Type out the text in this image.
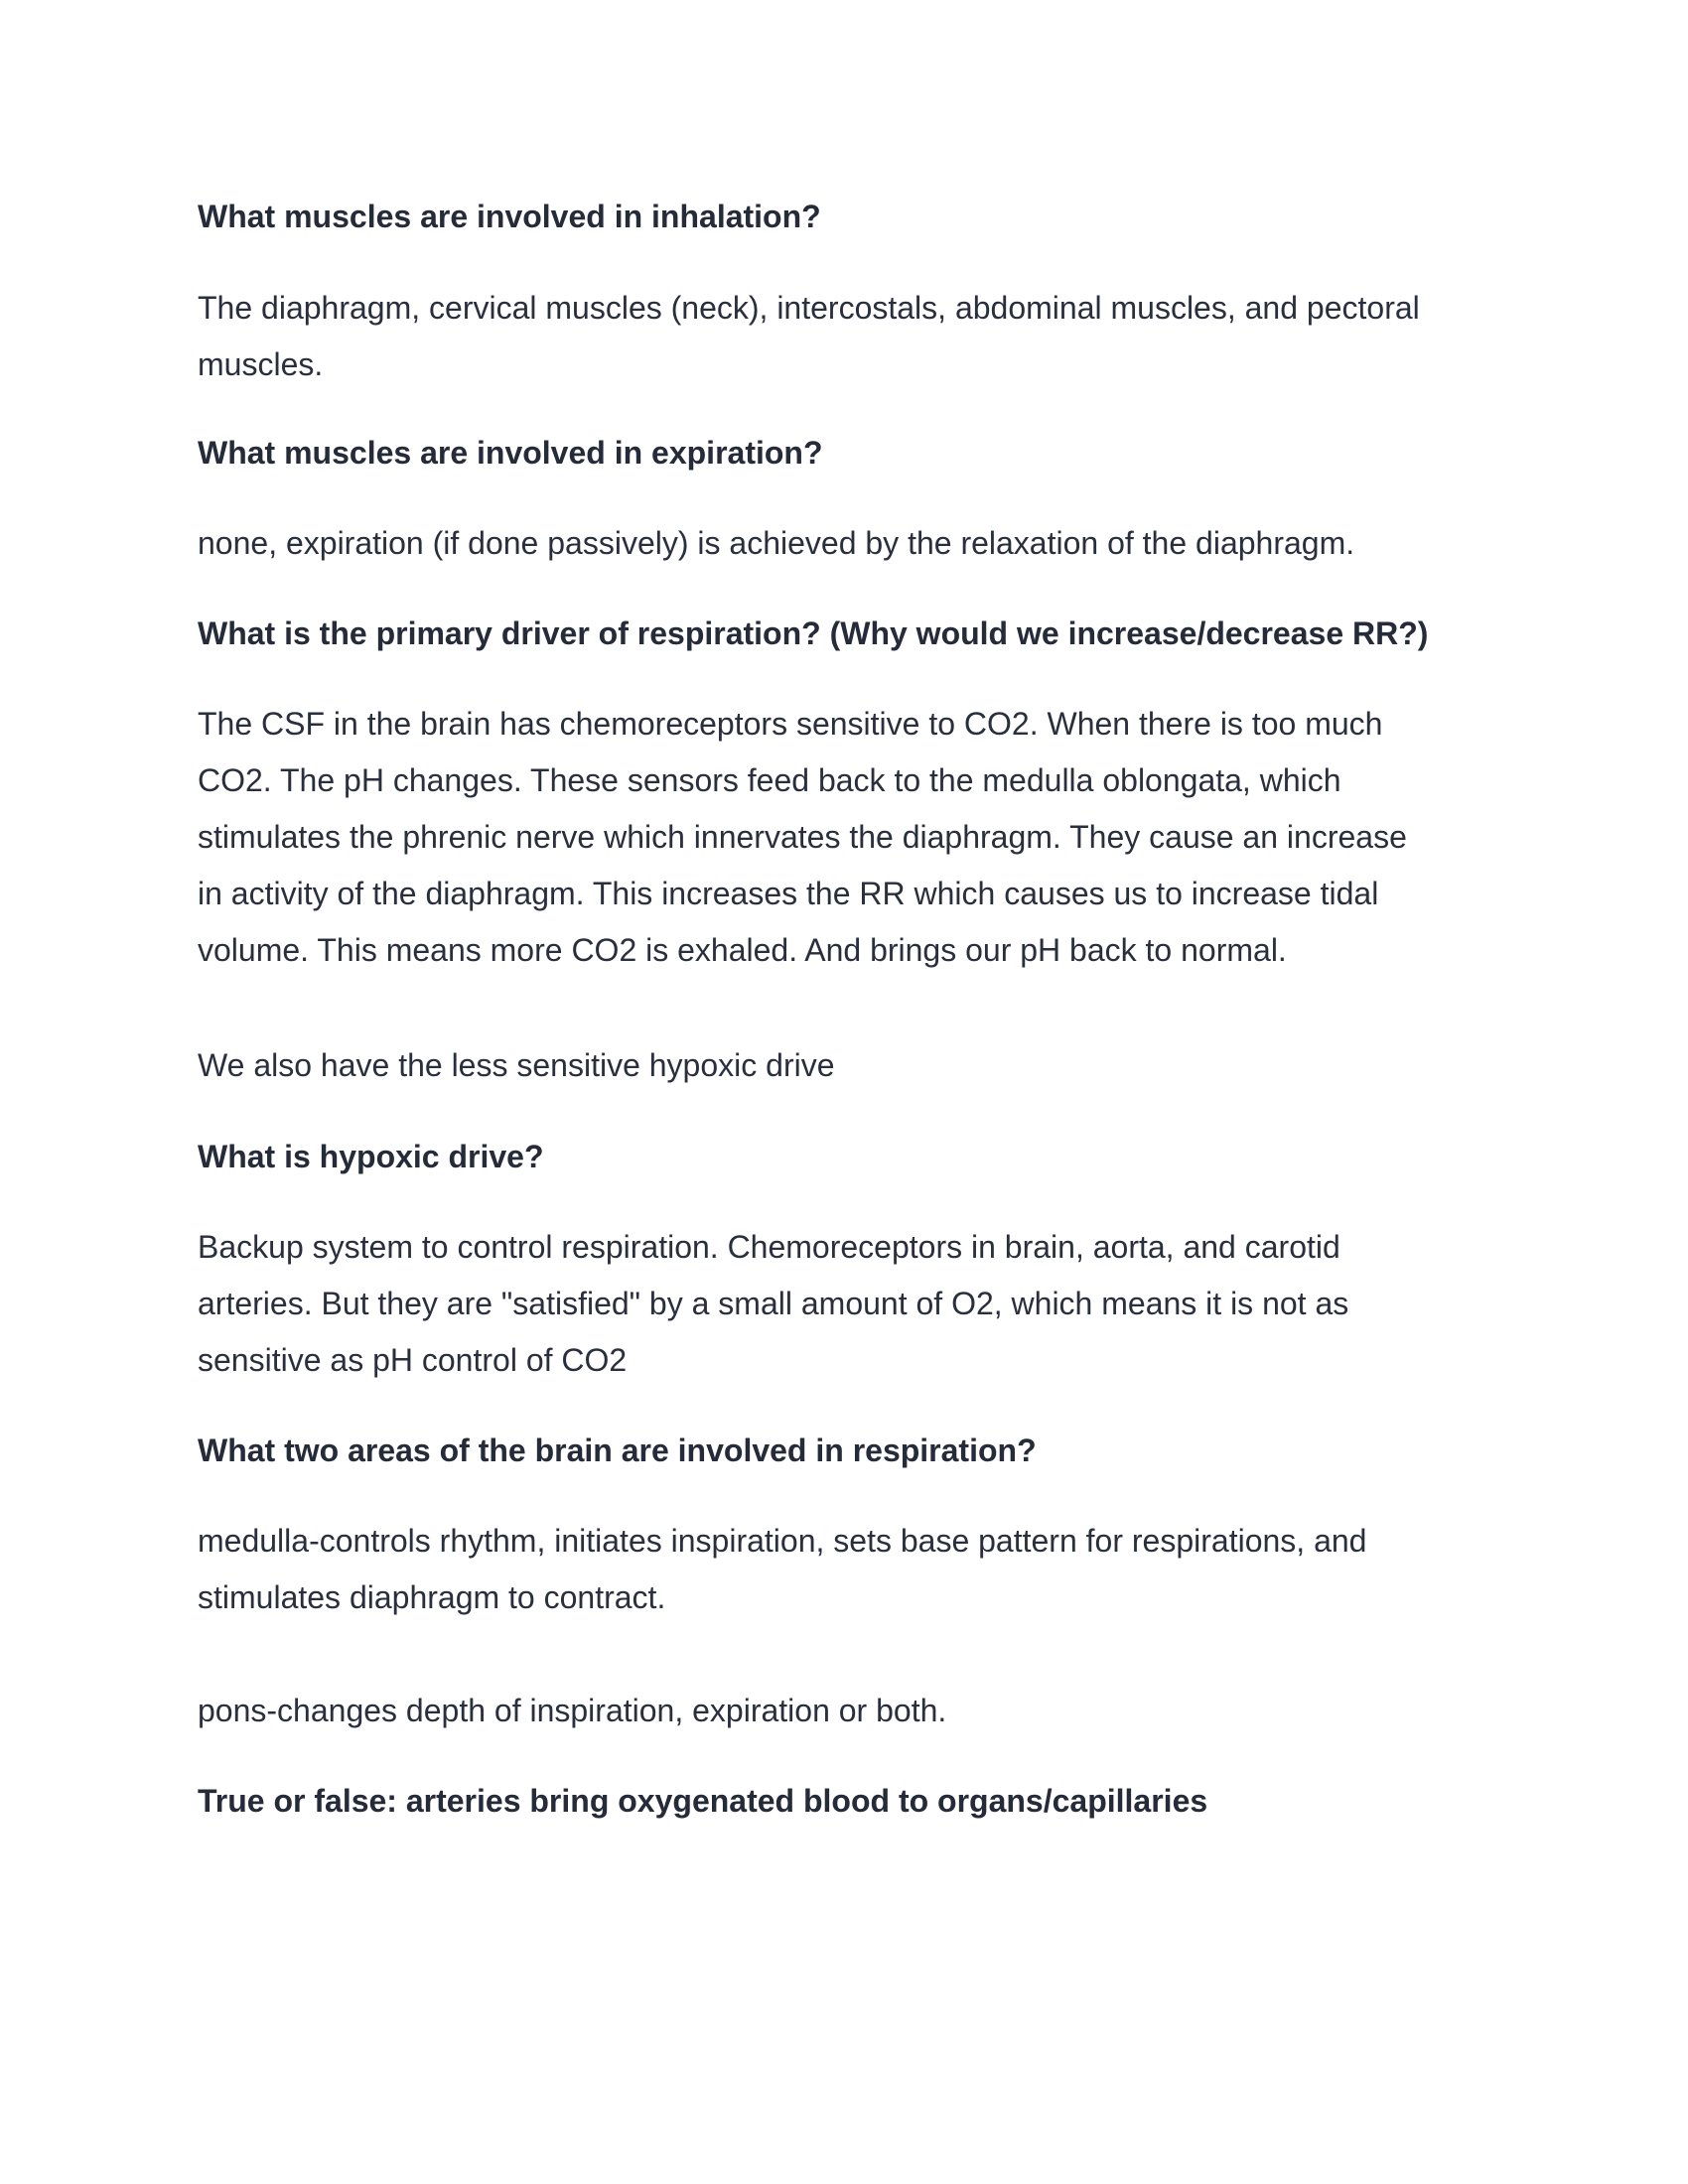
What muscles are involved in inhalation?
The diaphragm, cervical muscles (neck), intercostals, abdominal muscles, and pectoral
muscles.
What muscles are involved in expiration?
none, expiration (if done passively) is achieved by the relaxation of the diaphragm.
What is the primary driver of respiration? (Why would we increase/decrease RR?)
The CSF in the brain has chemoreceptors sensitive to CO2. When there is too much
CO2. The pH changes. These sensors feed back to the medulla oblongata, which
stimulates the phrenic nerve which innervates the diaphragm. They cause an increase
in activity of the diaphragm. This increases the RR which causes us to increase tidal
volume. This means more CO2 is exhaled. And brings our pH back to normal.
We also have the less sensitive hypoxic drive
What is hypoxic drive?
Backup system to control respiration. Chemoreceptors in brain, aorta, and carotid
arteries. But they are "satisfied" by a small amount of O2, which means it is not as
sensitive as pH control of CO2
What two areas of the brain are involved in respiration?
medulla-controls rhythm, initiates inspiration, sets base pattern for respirations, and
stimulates diaphragm to contract.
pons-changes depth of inspiration, expiration or both.
True or false: arteries bring oxygenated blood to organs/capillaries
